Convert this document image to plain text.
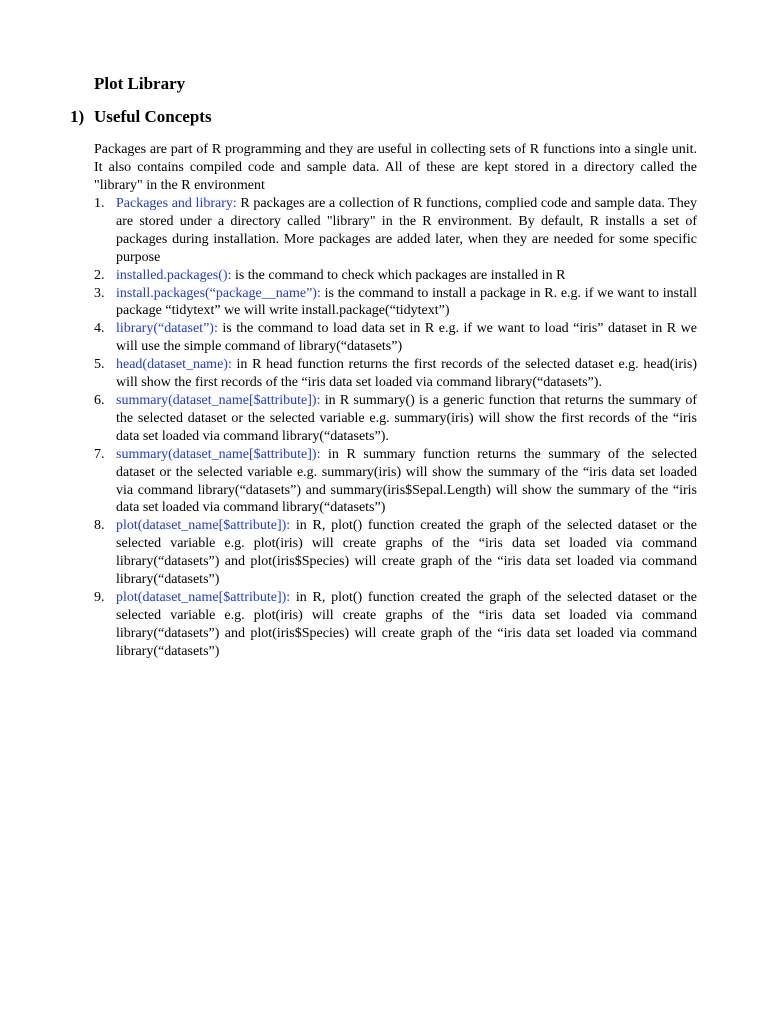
Plot Library
1) Useful Concepts

Packages are part of R programming and they are useful in collecting sets of R functions into a single unit. It also contains compiled code and sample data. All of these are kept stored in a directory called the "library" in the R environment

1. Packages and library: R packages are a collection of R functions, complied code and sample data. They are stored under a directory called "library" in the R environment. By default, R installs a set of packages during installation. More packages are added later, when they are needed for some specific purpose
2. installed.packages(): is the command to check which packages are installed in R
3. install.packages(“package__name”): is the command to install a package in R. e.g. if we want to install package “tidytext” we will write install.package(“tidytext”)
4. library(“dataset”): is the command to load data set in R e.g. if we want to load “iris” dataset in R we will use the simple command of library(“datasets”)
5. head(dataset_name): in R head function returns the first records of the selected dataset e.g. head(iris) will show the first records of the “iris data set loaded via command library(“datasets”).
6. summary(dataset_name[$attribute]): in R summary() is a generic function that returns the summary of the selected dataset or the selected variable e.g. summary(iris) will show the first records of the “iris data set loaded via command library(“datasets”).
7. summary(dataset_name[$attribute]): in R summary function returns the summary of the selected dataset or the selected variable e.g. summary(iris) will show the summary of the “iris data set loaded via command library(“datasets”) and summary(iris$Sepal.Length) will show the summary of the “iris data set loaded via command library(“datasets”)
8. plot(dataset_name[$attribute]): in R, plot() function created the graph of the selected dataset or the selected variable e.g. plot(iris) will create graphs of the “iris data set loaded via command library(“datasets”) and plot(iris$Species) will create graph of the “iris data set loaded via command library(“datasets”)
9. plot(dataset_name[$attribute]): in R, plot() function created the graph of the selected dataset or the selected variable e.g. plot(iris) will create graphs of the “iris data set loaded via command library(“datasets”) and plot(iris$Species) will create graph of the “iris data set loaded via command library(“datasets”)
